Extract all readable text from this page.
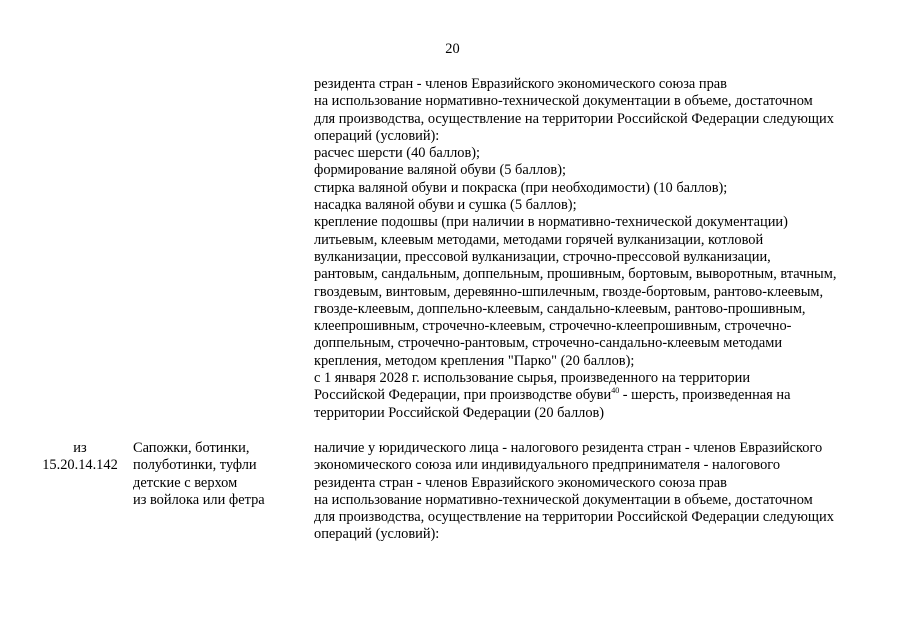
20
резидента стран - членов Евразийского экономического союза прав
на использование нормативно-технической документации в объеме, достаточном
для производства, осуществление на территории Российской Федерации следующих
операций (условий):
расчес шерсти (40 баллов);
формирование валяной обуви (5 баллов);
стирка валяной обуви и покраска (при необходимости) (10 баллов);
насадка валяной обуви и сушка (5 баллов);
крепление подошвы (при наличии в нормативно-технической документации)
литьевым, клеевым методами, методами горячей вулканизации, котловой
вулканизации, прессовой вулканизации, строчно-прессовой вулканизации,
рантовым, сандальным, доппельным, прошивным, бортовым, выворотным, втачным,
гвоздевым, винтовым, деревянно-шпилечным, гвоздe-бортовым, рантово-клеевым,
гвоздe-клеевым, доппельно-клеевым, сандально-клеевым, рантово-прошивным,
клеепрошивным, строчечно-клеевым, строчечно-клеепрошивным, строчечно-
доппельным, строчечно-рантовым, строчечно-сандально-клеевым методами
крепления, методом крепления "Парко" (20 баллов);
с 1 января 2028 г. использование сырья, произведенного на территории
Российской Федерации, при производстве обуви$^{40}$ - шерсть, произведенная на
территории Российской Федерации (20 баллов)
из
15.20.14.142
Сапожки, ботинки,
полуботинки, туфли
детские с верхом
из войлока или фетра
наличие у юридического лица - налогового резидента стран - членов Евразийского
экономического союза или индивидуального предпринимателя - налогового
резидента стран - членов Евразийского экономического союза прав
на использование нормативно-технической документации в объеме, достаточном
для производства, осуществление на территории Российской Федерации следующих
операций (условий):
